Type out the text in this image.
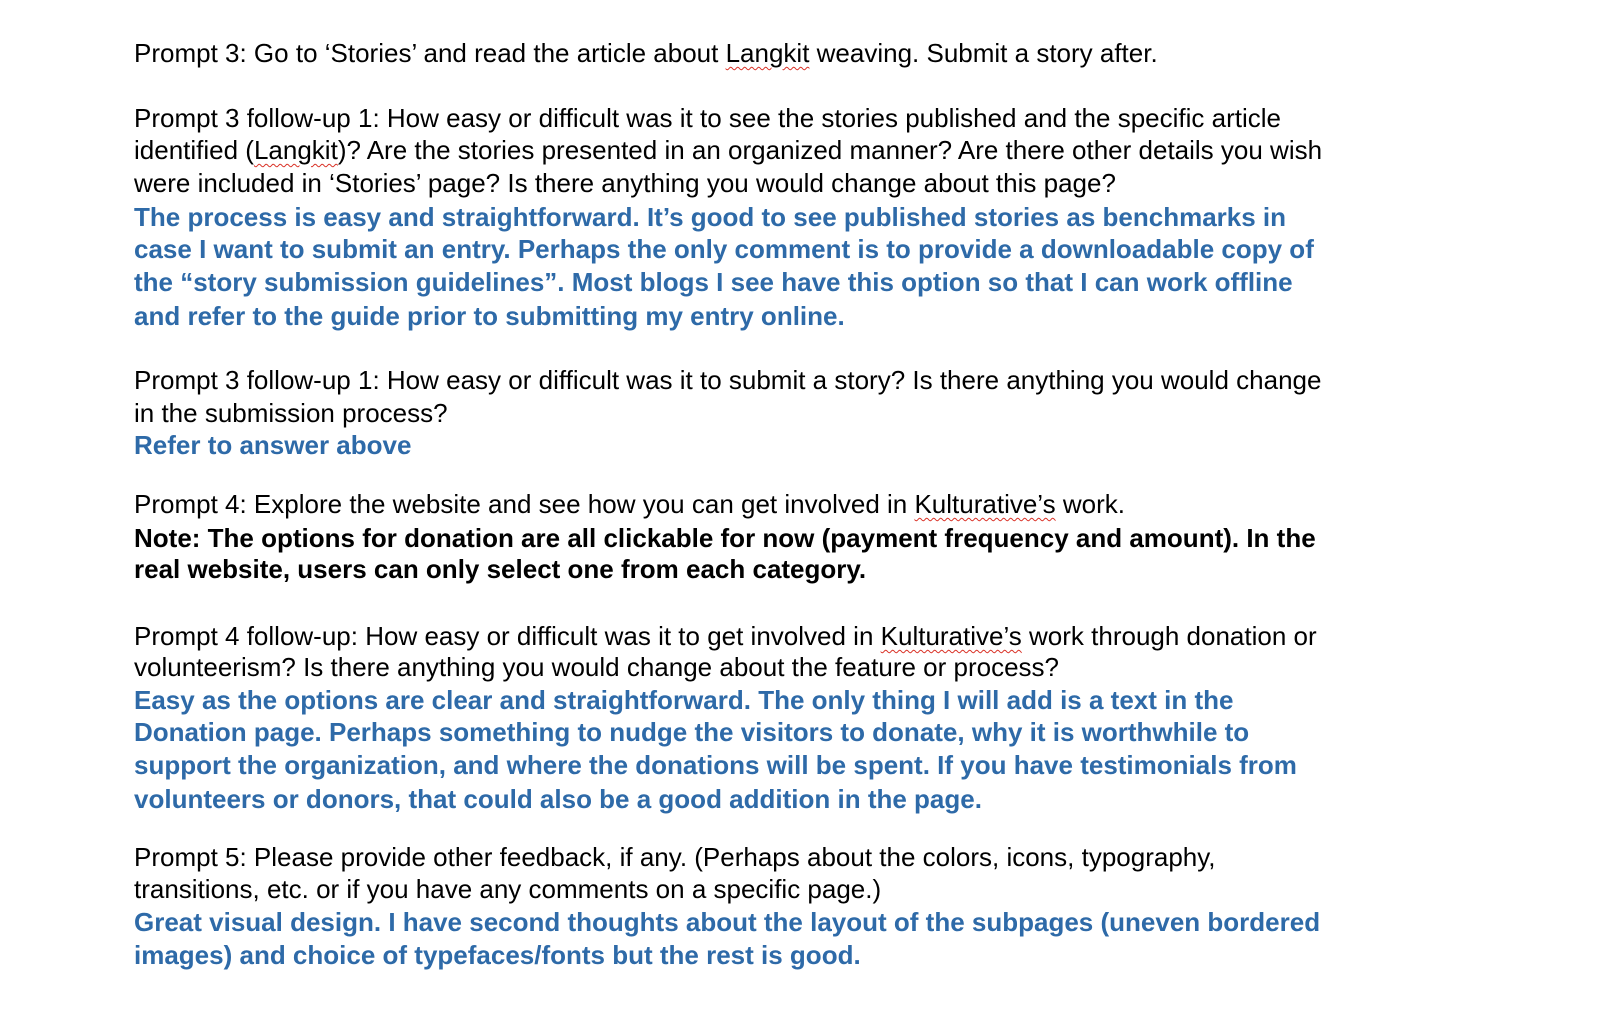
Prompt 3: Go to ‘Stories’ and read the article about Langkit weaving. Submit a story after.
Prompt 3 follow-up 1: How easy or difficult was it to see the stories published and the specific article
identified (Langkit)? Are the stories presented in an organized manner? Are there other details you wish
were included in ‘Stories’ page? Is there anything you would change about this page?
The process is easy and straightforward. It’s good to see published stories as benchmarks in
case I want to submit an entry. Perhaps the only comment is to provide a downloadable copy of
the “story submission guidelines”. Most blogs I see have this option so that I can work offline
and refer to the guide prior to submitting my entry online.
Prompt 3 follow-up 1: How easy or difficult was it to submit a story? Is there anything you would change
in the submission process?
Refer to answer above
Prompt 4: Explore the website and see how you can get involved in Kulturative’s work.
Note: The options for donation are all clickable for now (payment frequency and amount). In the
real website, users can only select one from each category.
Prompt 4 follow-up: How easy or difficult was it to get involved in Kulturative’s work through donation or
volunteerism? Is there anything you would change about the feature or process?
Easy as the options are clear and straightforward. The only thing I will add is a text in the
Donation page. Perhaps something to nudge the visitors to donate, why it is worthwhile to
support the organization, and where the donations will be spent. If you have testimonials from
volunteers or donors, that could also be a good addition in the page.
Prompt 5: Please provide other feedback, if any. (Perhaps about the colors, icons, typography,
transitions, etc. or if you have any comments on a specific page.)
Great visual design. I have second thoughts about the layout of the subpages (uneven bordered
images) and choice of typefaces/fonts but the rest is good.
